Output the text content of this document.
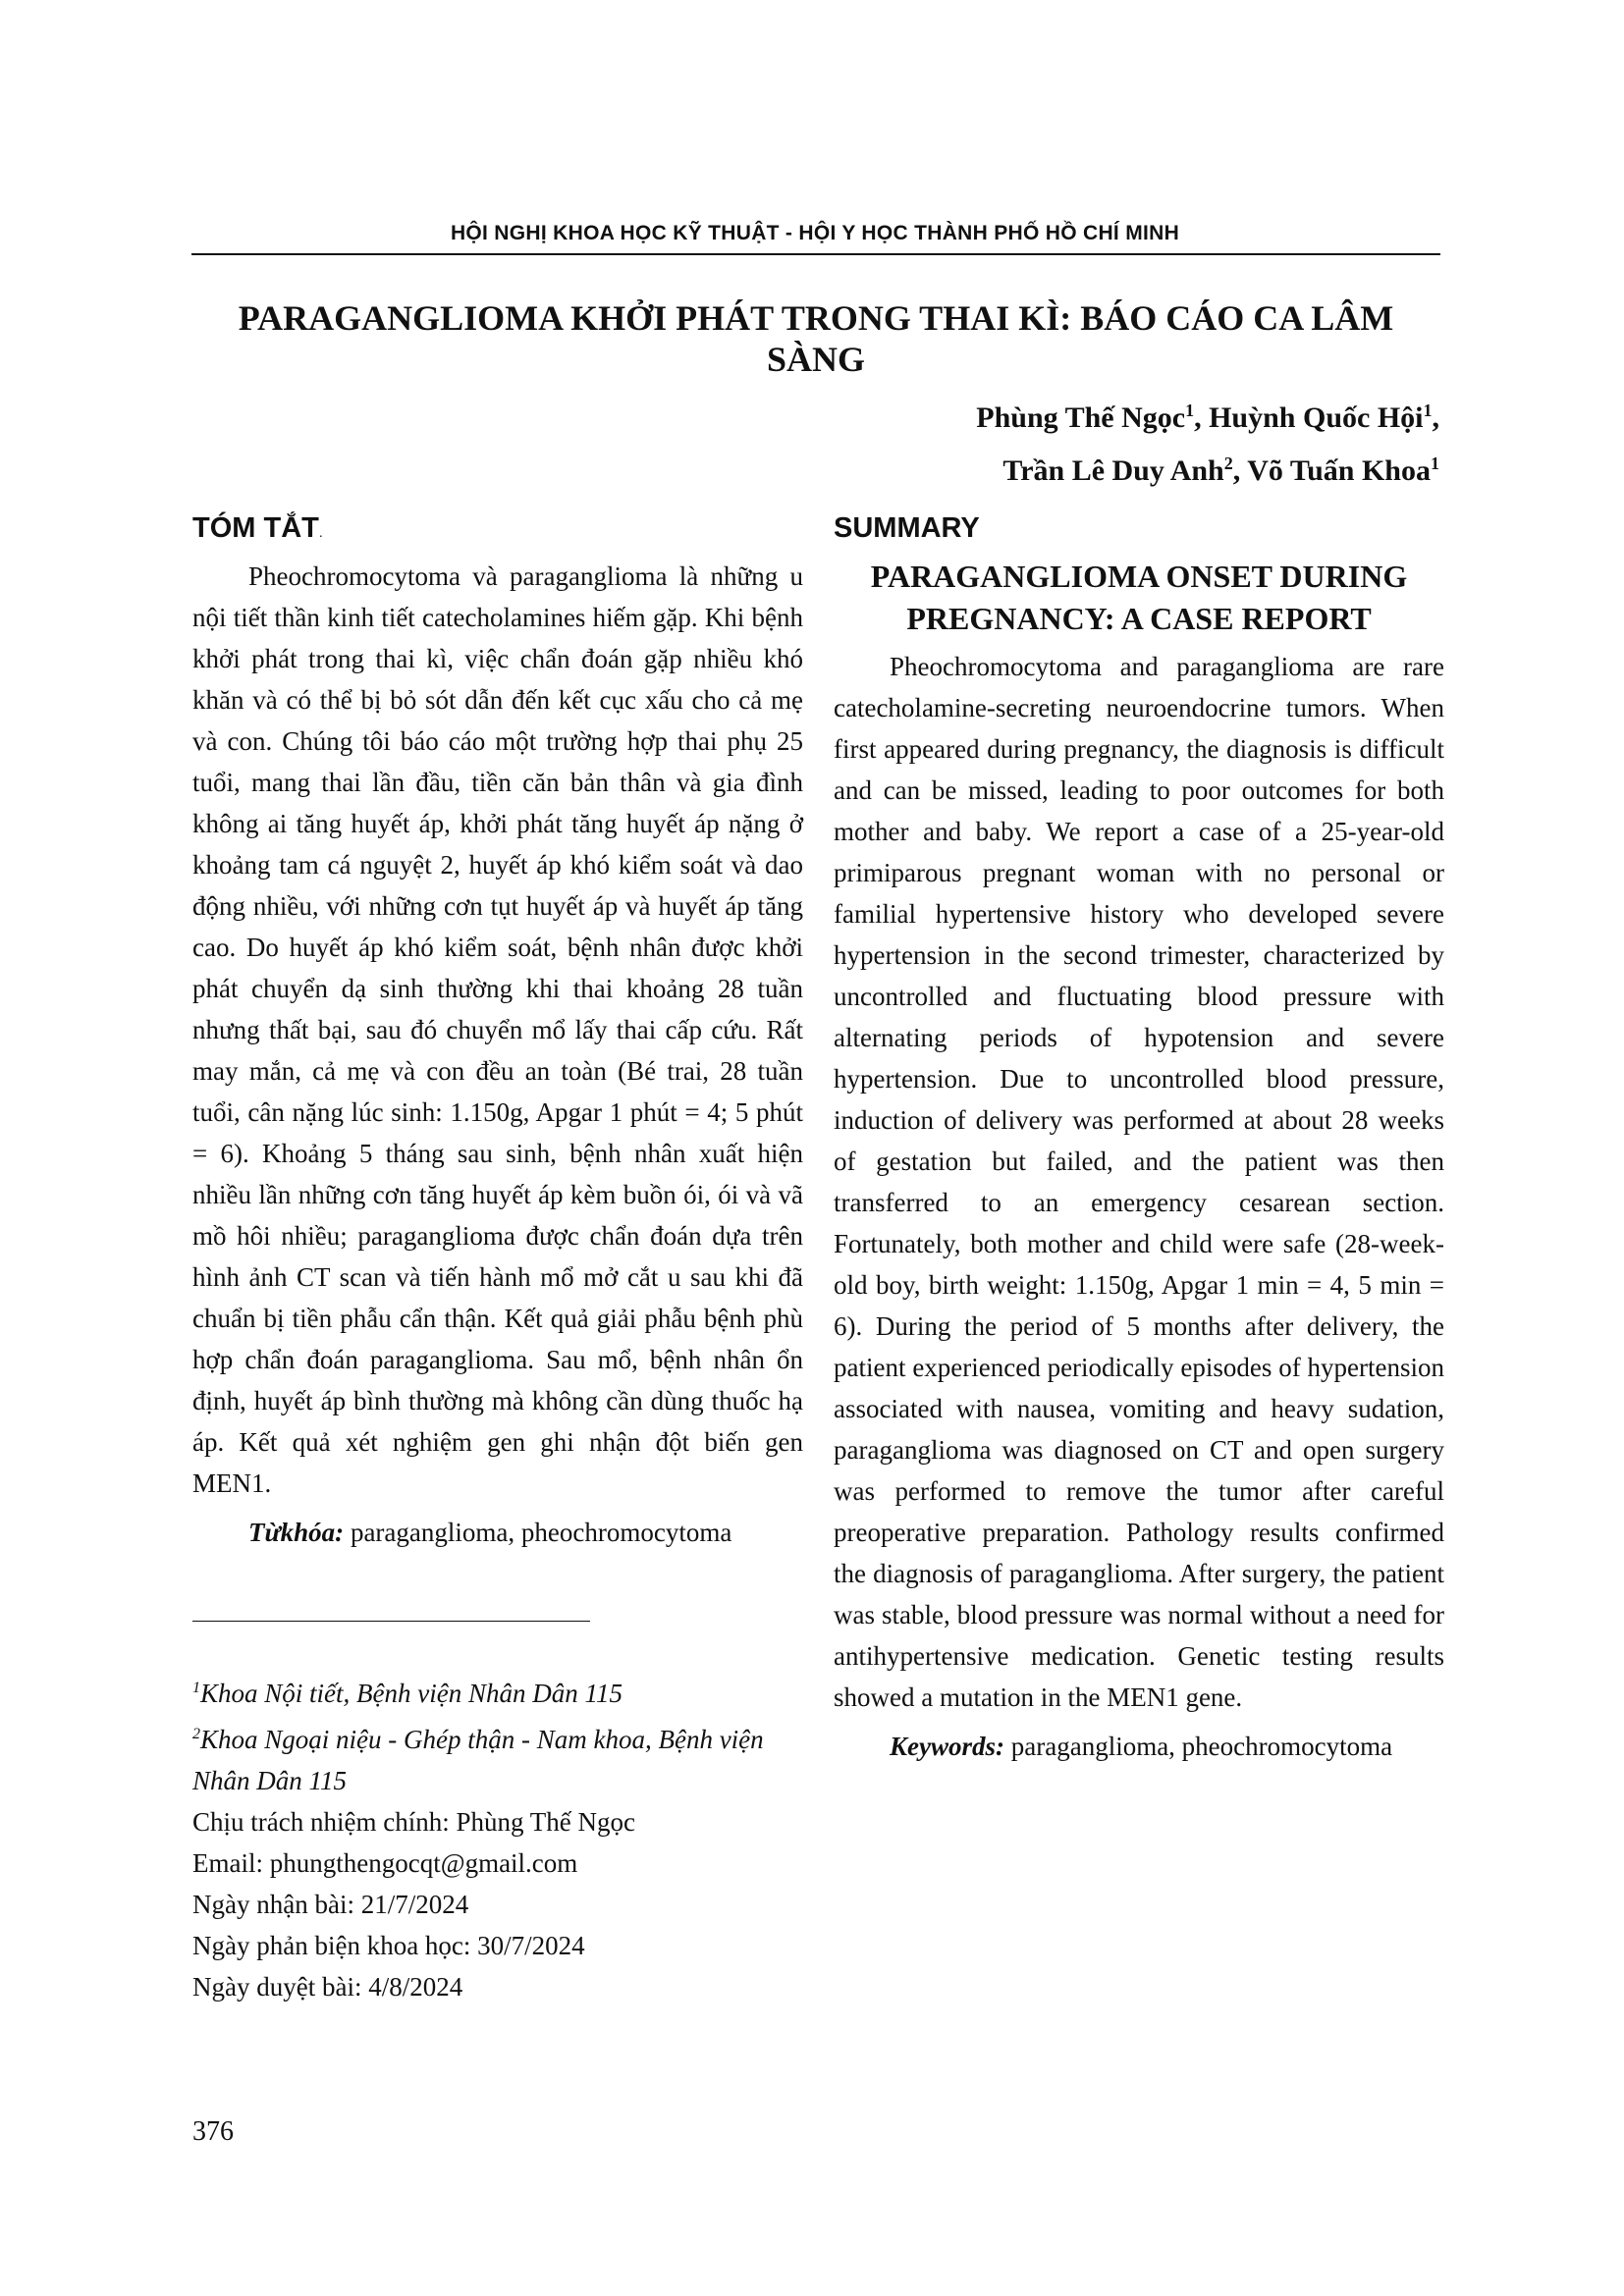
HỘI NGHỊ KHOA HỌC KỸ THUẬT - HỘI Y HỌC THÀNH PHỐ HỒ CHÍ MINH
PARAGANGLIOMA KHỞI PHÁT TRONG THAI KÌ: BÁO CÁO CA LÂM SÀNG
Phùng Thế Ngọc$^1$, Huỳnh Quốc Hội$^1$,
Trần Lê Duy Anh$^2$, Võ Tuấn Khoa$^1$
TÓM TẮT.

Pheochromocytoma và paraganglioma là những u nội tiết thần kinh tiết catecholamines hiếm gặp. Khi bệnh khởi phát trong thai kì, việc chẩn đoán gặp nhiều khó khăn và có thể bị bỏ sót dẫn đến kết cục xấu cho cả mẹ và con. Chúng tôi báo cáo một trường hợp thai phụ 25 tuổi, mang thai lần đầu, tiền căn bản thân và gia đình không ai tăng huyết áp, khởi phát tăng huyết áp nặng ở khoảng tam cá nguyệt 2, huyết áp khó kiểm soát và dao động nhiều, với những cơn tụt huyết áp và huyết áp tăng cao. Do huyết áp khó kiểm soát, bệnh nhân được khởi phát chuyển dạ sinh thường khi thai khoảng 28 tuần nhưng thất bại, sau đó chuyển mổ lấy thai cấp cứu. Rất may mắn, cả mẹ và con đều an toàn (Bé trai, 28 tuần tuổi, cân nặng lúc sinh: 1.150g, Apgar 1 phút = 4; 5 phút = 6). Khoảng 5 tháng sau sinh, bệnh nhân xuất hiện nhiều lần những cơn tăng huyết áp kèm buồn ói, ói và vã mồ hôi nhiều; paraganglioma được chẩn đoán dựa trên hình ảnh CT scan và tiến hành mổ mở cắt u sau khi đã chuẩn bị tiền phẫu cẩn thận. Kết quả giải phẫu bệnh phù hợp chẩn đoán paraganglioma. Sau mổ, bệnh nhân ổn định, huyết áp bình thường mà không cần dùng thuốc hạ áp. Kết quả xét nghiệm gen ghi nhận đột biến gen MEN1.

Từkhóa: paraganglioma, pheochromocytoma

SUMMARY
PARAGANGLIOMA ONSET DURING PREGNANCY: A CASE REPORT

Pheochromocytoma and paraganglioma are rare catecholamine-secreting neuroendocrine tumors. When first appeared during pregnancy, the diagnosis is difficult and can be missed, leading to poor outcomes for both mother and baby. We report a case of a 25-year-old primiparous pregnant woman with no personal or familial hypertensive history who developed severe hypertension in the second trimester, characterized by uncontrolled and fluctuating blood pressure with alternating periods of hypotension and severe hypertension. Due to uncontrolled blood pressure, induction of delivery was performed at about 28 weeks of gestation but failed, and the patient was then transferred to an emergency cesarean section. Fortunately, both mother and child were safe (28-week-old boy, birth weight: 1.150g, Apgar 1 min = 4, 5 min = 6). During the period of 5 months after delivery, the patient experienced periodically episodes of hypertension associated with nausea, vomiting and heavy sudation, paraganglioma was diagnosed on CT and open surgery was performed to remove the tumor after careful preoperative preparation. Pathology results confirmed the diagnosis of paraganglioma. After surgery, the patient was stable, blood pressure was normal without a need for antihypertensive medication. Genetic testing results showed a mutation in the MEN1 gene.

Keywords: paraganglioma, pheochromocytoma

$^1$Khoa Nội tiết, Bệnh viện Nhân Dân 115

$^2$Khoa Ngoại niệu - Ghép thận - Nam khoa, Bệnh viện Nhân Dân 115

Chịu trách nhiệm chính: Phùng Thế Ngọc

Email: phungthengocqt@gmail.com

Ngày nhận bài: 21/7/2024

Ngày phản biện khoa học: 30/7/2024

Ngày duyệt bài: 4/8/2024

376
